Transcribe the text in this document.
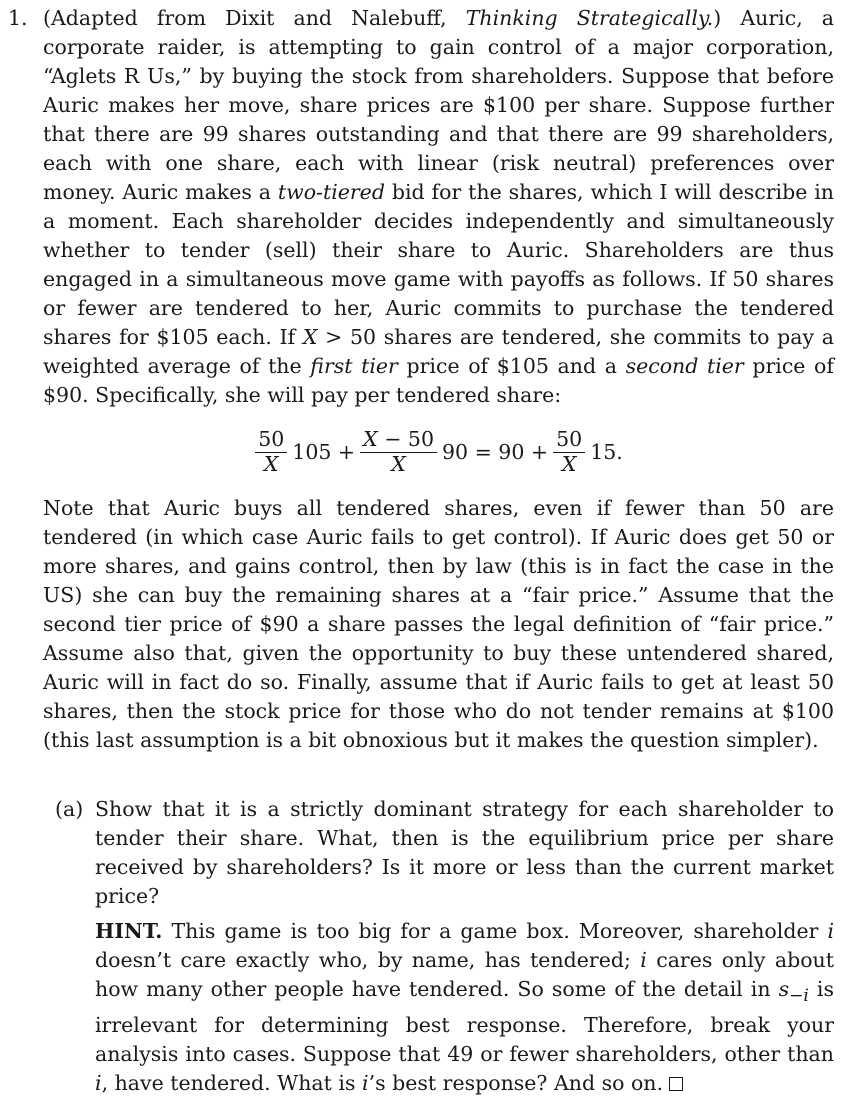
1. (Adapted from Dixit and Nalebuff, Thinking Strategically.) Auric, a corporate raider, is attempting to gain control of a major corporation, “Aglets R Us,” by buying the stock from shareholders. Suppose that before Auric makes her move, share prices are $100 per share. Suppose further that there are 99 shares outstanding and that there are 99 shareholders, each with one share, each with linear (risk neutral) preferences over money. Auric makes a two-tiered bid for the shares, which I will describe in a moment. Each shareholder decides independently and simultaneously whether to tender (sell) their share to Auric. Shareholders are thus engaged in a simultaneous move game with payoffs as follows. If 50 shares or fewer are tendered to her, Auric commits to purchase the tendered shares for $105 each. If X > 50 shares are tendered, she commits to pay a weighted average of the first tier price of $105 and a second tier price of $90. Specifically, she will pay per tendered share:

$\frac{50}{X} 105 + \frac{X - 50}{X} 90 = 90 + \frac{50}{X} 15$.

Note that Auric buys all tendered shares, even if fewer than 50 are tendered (in which case Auric fails to get control). If Auric does get 50 or more shares, and gains control, then by law (this is in fact the case in the US) she can buy the remaining shares at a “fair price.” Assume that the second tier price of $90 a share passes the legal definition of “fair price.” Assume also that, given the opportunity to buy these untendered shared, Auric will in fact do so. Finally, assume that if Auric fails to get at least 50 shares, then the stock price for those who do not tender remains at $100 (this last assumption is a bit obnoxious but it makes the question simpler).

(a) Show that it is a strictly dominant strategy for each shareholder to tender their share. What, then is the equilibrium price per share received by shareholders? Is it more or less than the current market price?

HINT. This game is too big for a game box. Moreover, shareholder i doesn’t care exactly who, by name, has tendered; i cares only about how many other people have tendered. So some of the detail in $s_{-i}$ is irrelevant for determining best response. Therefore, break your analysis into cases. Suppose that 49 or fewer shareholders, other than i, have tendered. What is i’s best response? And so on.
